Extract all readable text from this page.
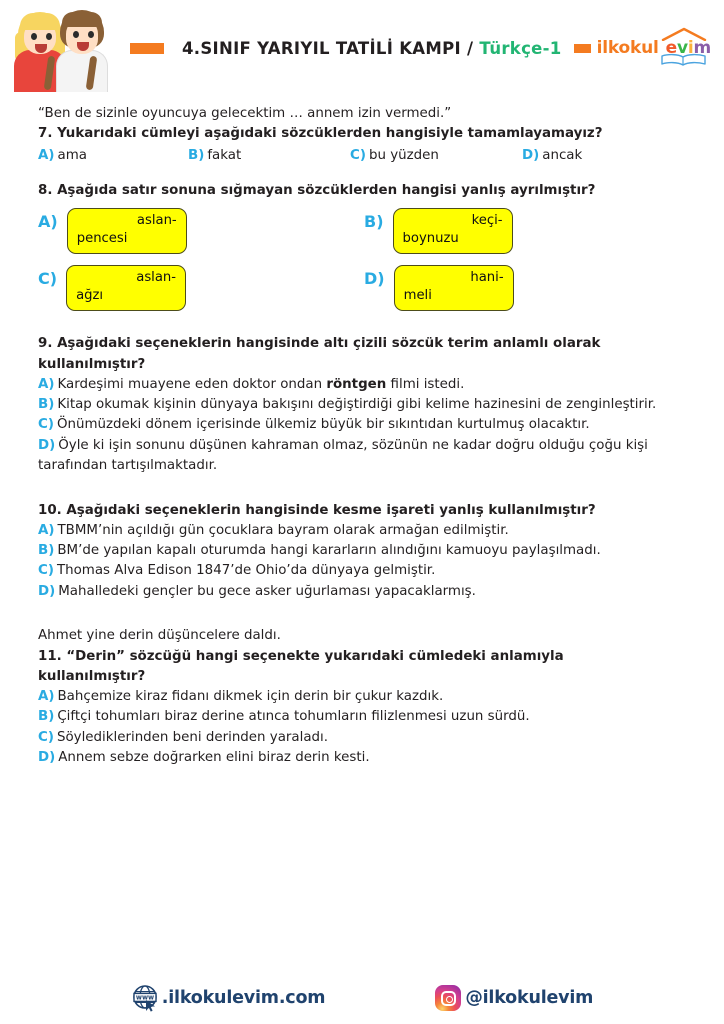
4.SINIF YARIYIL TATİLİ KAMPI / Türkçe-1 ilkokul evim
“Ben de sizinle oyuncuya gelecektim … annem izin vermedi.”
7. Yukarıdaki cümleyi aşağıdaki sözcüklerden hangisiyle tamamlayamayız?
A) ama	B) fakat	C) bu yüzden	D) ancak
8. Aşağıda satır sonuna sığmayan sözcüklerden hangisi yanlış ayrılmıştır?
A)	aslan-
pencesi
B)	keçi-
boynuzu
C)	aslan-
ağzı
D)	hani-
meli
9. Aşağıdaki seçeneklerin hangisinde altı çizili sözcük terim anlamlı olarak
kullanılmıştır?
A) Kardeşimi muayene eden doktor ondan röntgen filmi istedi.
B) Kitap okumak kişinin dünyaya bakışını değiştirdiği gibi kelime hazinesini de zenginleştirir.
C) Önümüzdeki dönem içerisinde ülkemiz büyük bir sıkıntıdan kurtulmuş olacaktır.
D) Öyle ki işin sonunu düşünen kahraman olmaz, sözünün ne kadar doğru olduğu çoğu kişi tarafından tartışılmaktadır.
10. Aşağıdaki seçeneklerin hangisinde kesme işareti yanlış kullanılmıştır?
A) TBMM’nin açıldığı gün çocuklara bayram olarak armağan edilmiştir.
B) BM’de yapılan kapalı oturumda hangi kararların alındığını kamuoyu paylaşılmadı.
C) Thomas Alva Edison 1847’de Ohio’da dünyaya gelmiştir.
D) Mahalledeki gençler bu gece asker uğurlaması yapacaklarmış.
Ahmet yine derin düşüncelere daldı.
11. “Derin” sözcüğü hangi seçenekte yukarıdaki cümledeki anlamıyla
kullanılmıştır?
A) Bahçemize kiraz fidanı dikmek için derin bir çukur kazdık.
B) Çiftçi tohumları biraz derine atınca tohumların filizlenmesi uzun sürdü.
C) Söylediklerinden beni derinden yaraladı.
D) Annem sebze doğrarken elini biraz derin kesti.
www .ilkokulevim.com	@ilkokulevim
